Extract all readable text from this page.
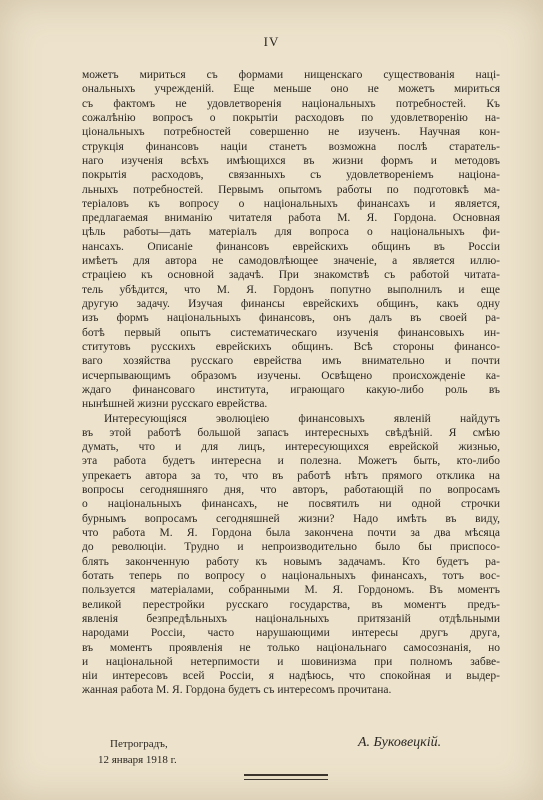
IV

можетъ мириться съ формами нищенскаго существованія наці-
ональныхъ учрежденій. Еще меньше оно не можетъ мириться
съ фактомъ не удовлетворенія національныхъ потребностей. Къ
сожалѣнію вопросъ о покрытіи расходовъ по удовлетворенію на-
ціональныхъ потребностей совершенно не изученъ. Научная кон-
струкція финансовъ націи станетъ возможна послѣ старатель-
наго изученія всѣхъ имѣющихся въ жизни формъ и методовъ
покрытія расходовъ, связанныхъ съ удовлетвореніемъ націона-
льныхъ потребностей. Первымъ опытомъ работы по подготовкѣ ма-
теріаловъ къ вопросу о національныхъ финансахъ и является,
предлагаемая вниманію читателя работа М. Я. Гордона. Основная
цѣль работы—дать матеріалъ для вопроса о національныхъ фи-
нансахъ. Описаніе финансовъ еврейскихъ общинъ въ Россіи
имѣетъ для автора не самодовлѣющее значеніе, а является иллю-
страціею къ основной задачѣ. При знакомствѣ съ работой читата-
тель убѣдится, что М. Я. Гордонъ попутно выполнилъ и еще
другую задачу. Изучая финансы еврейскихъ общинъ, какъ одну
изъ формъ національныхъ финансовъ, онъ далъ въ своей ра-
ботѣ первый опытъ систематическаго изученія финансовыхъ ин-
ститутовъ русскихъ еврейскихъ общинъ. Всѣ стороны финансо-
ваго хозяйства русскаго еврейства имъ внимательно и почти
исчерпывающимъ образомъ изучены. Освѣщено происхожденіе ка-
ждаго финансоваго института, играющаго какую-либо роль въ
нынѣшней жизни русскаго еврейства.

Интересующіяся эволюціею финансовыхъ явленій найдутъ
въ этой работѣ большой запасъ интересныхъ свѣдѣній. Я смѣю
думать, что и для лицъ, интересующихся еврейской жизнью,
эта работа будетъ интересна и полезна. Можетъ быть, кто-либо
упрекаетъ автора за то, что въ работѣ нѣтъ прямого отклика на
вопросы сегодняшняго дня, что авторъ, работающій по вопросамъ
о національныхъ финансахъ, не посвятилъ ни одной строчки
бурнымъ вопросамъ сегодняшней жизни? Надо имѣть въ виду,
что работа М. Я. Гордона была закончена почти за два мѣсяца
до революціи. Трудно и непроизводительно было бы приспосо-
блять законченную работу къ новымъ задачамъ. Кто будетъ ра-
ботать теперь по вопросу о національныхъ финансахъ, тотъ вос-
пользуется матеріалами, собранными М. Я. Гордономъ. Въ моментъ
великой перестройки русскаго государства, въ моментъ предъ-
явленія безпредѣльныхъ національныхъ притязаній отдѣльными
народами Россіи, часто нарушающими интересы другъ друга,
въ моментъ проявленія не только національнаго самосознанія, но
и національной нетерпимости и шовинизма при полномъ забве-
ніи интересовъ всей Россіи, я надѣюсь, что спокойная и выдер-
жанная работа М. Я. Гордона будетъ съ интересомъ прочитана.

Петроградъ,
12 января 1918 г.
А. Буковецкій.
